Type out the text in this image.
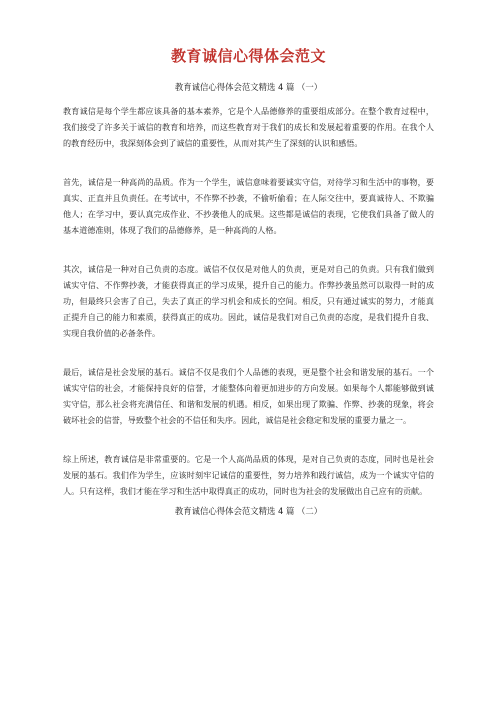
教育诚信心得体会范文
教育诚信心得体会范文精选 4 篇 （一）

教育诚信是每个学生都应该具备的基本素养，它是个人品德修养的重要组成部分。在整个教育过程中，我们接受了许多关于诚信的教育和培养，而这些教育对于我们的成长和发展起着重要的作用。在我个人的教育经历中，我深刻体会到了诚信的重要性，从而对其产生了深刻的认识和感悟。

首先，诚信是一种高尚的品质。作为一个学生，诚信意味着要诚实守信，对待学习和生活中的事物，要真实、正直并且负责任。在考试中，不作弊不抄袭，不偷听偷看；在人际交往中，要真诚待人、不欺骗他人；在学习中，要认真完成作业、不抄袭他人的成果。这些都是诚信的表现，它使我们具备了做人的基本道德准则，体现了我们的品德修养，是一种高尚的人格。

其次，诚信是一种对自己负责的态度。诚信不仅仅是对他人的负责，更是对自己的负责。只有我们做到诚实守信、不作弊抄袭，才能获得真正的学习成果，提升自己的能力。作弊抄袭虽然可以取得一时的成功，但最终只会害了自己，失去了真正的学习机会和成长的空间。相反，只有通过诚实的努力，才能真正提升自己的能力和素质，获得真正的成功。因此，诚信是我们对自己负责的态度，是我们提升自我、实现自我价值的必备条件。

最后，诚信是社会发展的基石。诚信不仅是我们个人品德的表现，更是整个社会和谐发展的基石。一个诚实守信的社会，才能保持良好的信誉，才能整体向着更加进步的方向发展。如果每个人都能够做到诚实守信，那么社会将充满信任、和谐和发展的机遇。相反，如果出现了欺骗、作弊、抄袭的现象，将会破坏社会的信誉，导致整个社会的不信任和失序。因此，诚信是社会稳定和发展的重要力量之一。

综上所述，教育诚信是非常重要的。它是一个人高尚品质的体现，是对自己负责的态度，同时也是社会发展的基石。我们作为学生，应该时刻牢记诚信的重要性，努力培养和践行诚信，成为一个诚实守信的人。只有这样，我们才能在学习和生活中取得真正的成功，同时也为社会的发展做出自己应有的贡献。

教育诚信心得体会范文精选 4 篇 （二）
